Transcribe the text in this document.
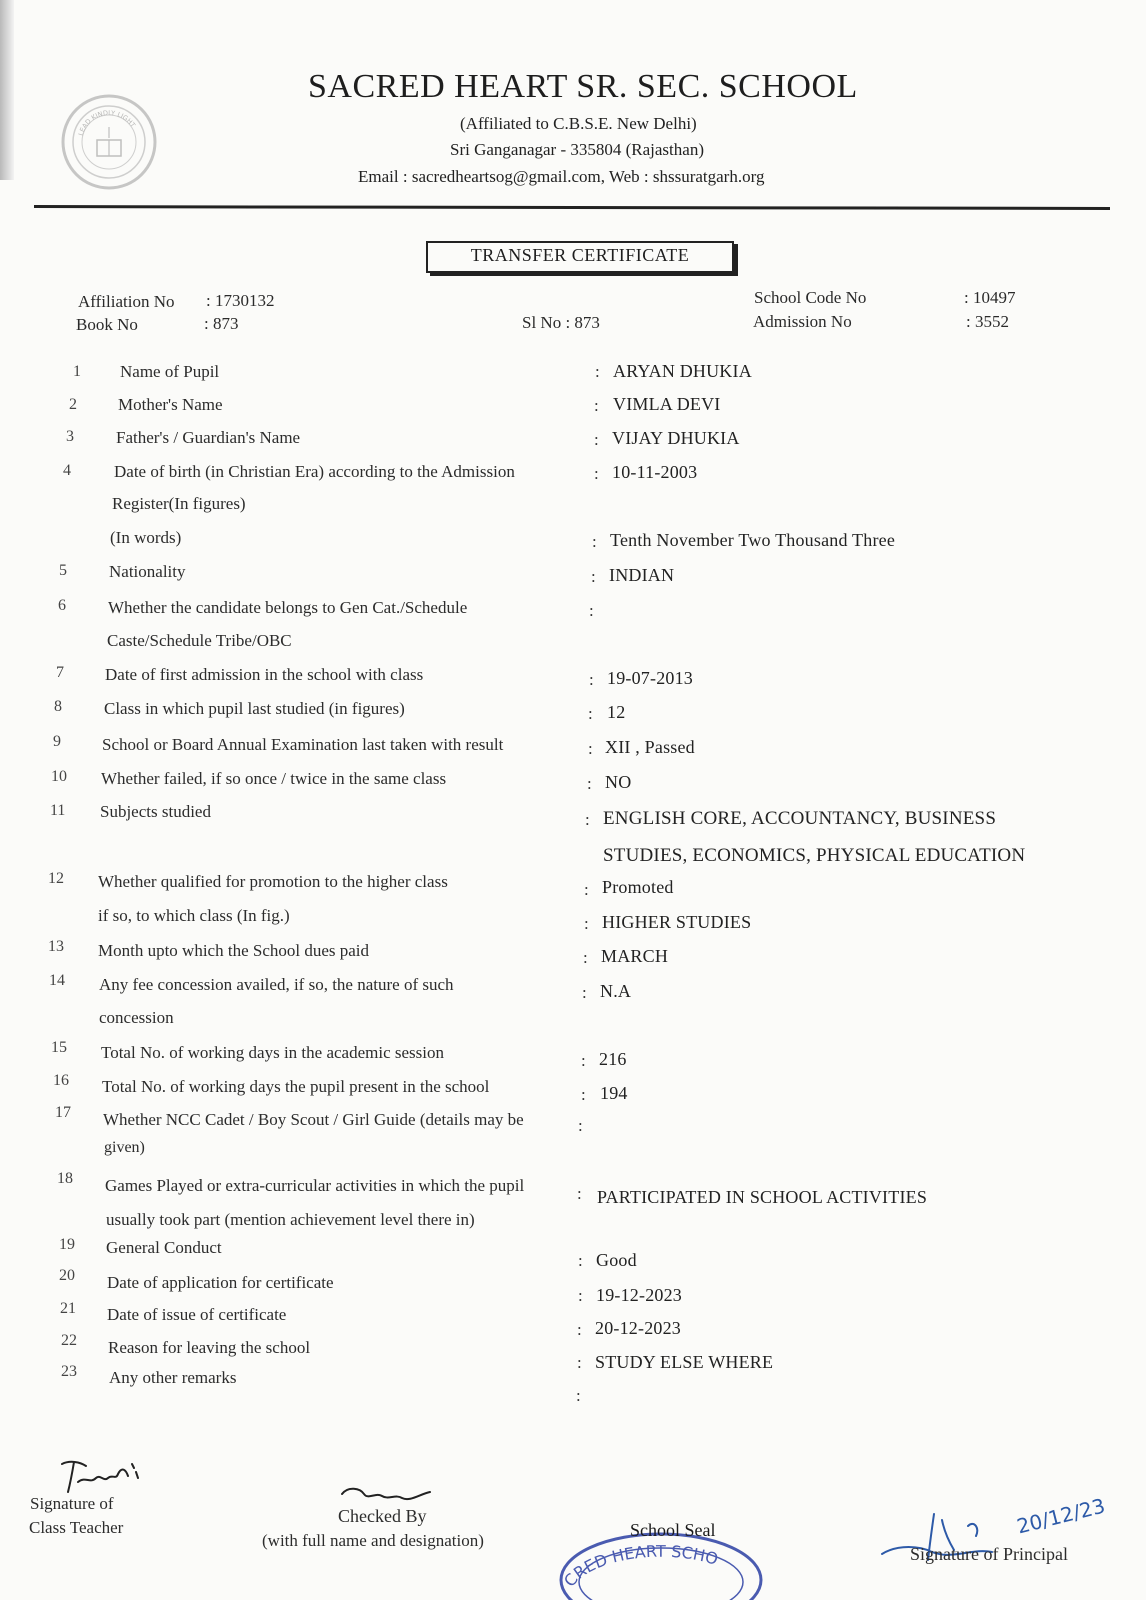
LEAD KINDLY LIGHT
SACRED HEART SR. SEC. SCHOOL
(Affiliated to C.B.S.E. New Delhi)
Sri Ganganagar - 335804 (Rajasthan)
Email : sacredheartsog@gmail.com, Web : shssuratgarh.org
TRANSFER CERTIFICATE
Affiliation No : 1730132
Book No	: 873	Sl No : 873
School Code No	: 10497
Admission No	: 3552
1 Name of Pupil	: ARYAN DHUKIA
2 Mother's Name	: VIMLA DEVI
3 Father's / Guardian's Name	: VIJAY DHUKIA
4	Date of birth (in Christian Era) according to the Admission
Register(In figures)
: 10-11-2003
(In words)	: Tenth November Two Thousand Three
5 Nationality	: INDIAN
6 Whether the candidate belongs to Gen Cat./Schedule
Caste/Schedule Tribe/OBC
:
7 Date of first admission in the school with class	: 19-07-2013
8 Class in which pupil last studied (in figures)	: 12
9 School or Board Annual Examination last taken with result	: XII , Passed
10 Whether failed, if so once / twice in the same class	: NO
11 Subjects studied	: ENGLISH CORE, ACCOUNTANCY, BUSINESS
STUDIES, ECONOMICS, PHYSICAL EDUCATION
12 Whether qualified for promotion to the higher class	: Promoted
if so, to which class (In fig.)	: HIGHER STUDIES
13 Month upto which the School dues paid	: MARCH
14 Any fee concession availed, if so, the nature of such
concession
: N.A
15 Total No. of working days in the academic session	: 216
16 Total No. of working days the pupil present in the school	: 194
17 Whether NCC Cadet / Boy Scout / Girl Guide (details may be
given)
:
18 Games Played or extra-curricular activities in which the pupil
usually took part (mention achievement level there in)
: PARTICIPATED IN SCHOOL ACTIVITIES
19 General Conduct
: Good
20 Date of application for certificate
: 19-12-2023
21 Date of issue of certificate
: 20-12-2023
22 Reason for leaving the school
: STUDY ELSE WHERE
23 Any other remarks
:
Signature of
Class Teacher
Checked By
(with full name and designation)
CRED HEART SCHO
School Seal	20/12/23
Signature of Principal
